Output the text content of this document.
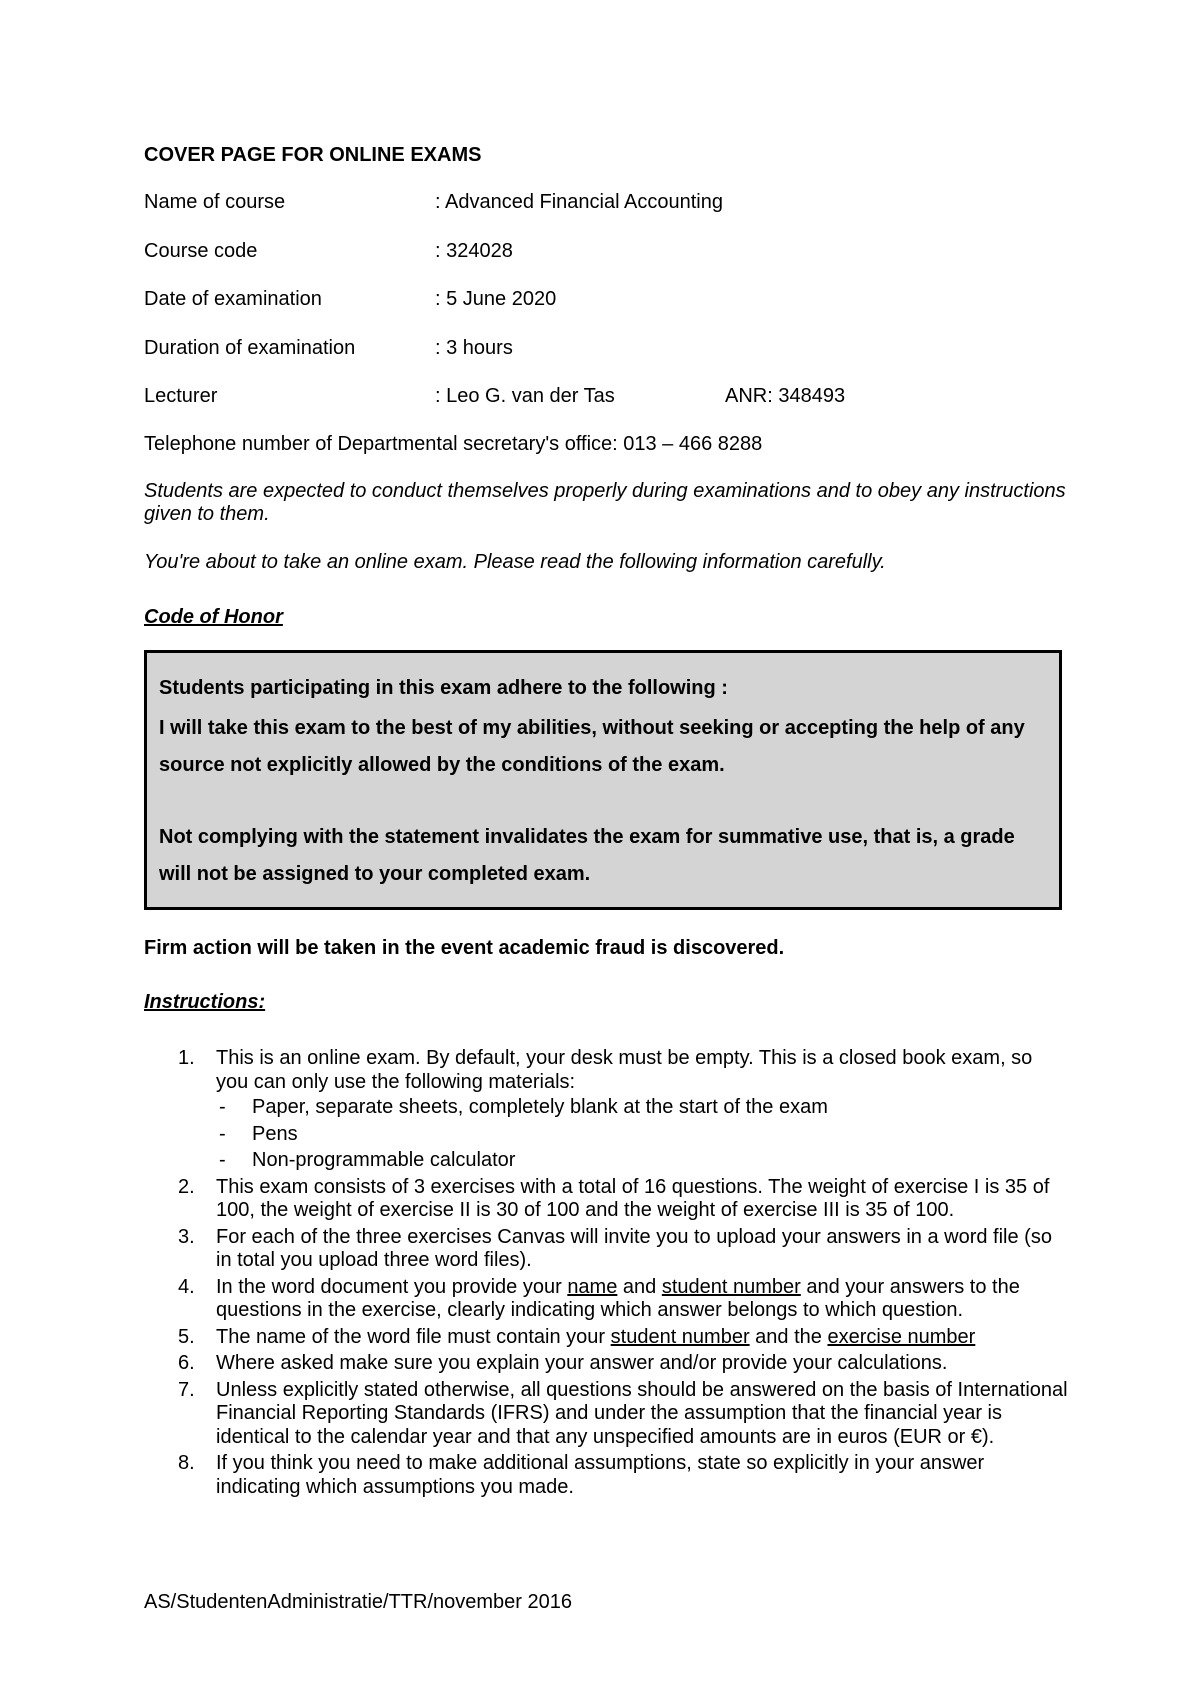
COVER PAGE FOR ONLINE EXAMS

Name of course	: Advanced Financial Accounting
Course code	: 324028
Date of examination	: 5 June 2020
Duration of examination	: 3 hours
Lecturer	: Leo G. van der Tas	ANR: 348493
Telephone number of Departmental secretary's office: 013 – 466 8288
Students are expected to conduct themselves properly during examinations and to obey any instructions given to them.
You're about to take an online exam. Please read the following information carefully.
Code of Honor

Students participating in this exam adhere to the following :

I will take this exam to the best of my abilities, without seeking or accepting the help of any source not explicitly allowed by the conditions of the exam.

Not complying with the statement invalidates the exam for summative use, that is, a grade will not be assigned to your completed exam.

Firm action will be taken in the event academic fraud is discovered.
Instructions:
1. This is an online exam. By default, your desk must be empty. This is a closed book exam, so you can only use the following materials:
- Paper, separate sheets, completely blank at the start of the exam
- Pens
- Non-programmable calculator
2. This exam consists of 3 exercises with a total of 16 questions. The weight of exercise I is 35 of 100, the weight of exercise II is 30 of 100 and the weight of exercise III is 35 of 100.
3. For each of the three exercises Canvas will invite you to upload your answers in a word file (so in total you upload three word files).
4. In the word document you provide your name and student number and your answers to the questions in the exercise, clearly indicating which answer belongs to which question.
5. The name of the word file must contain your student number and the exercise number
6. Where asked make sure you explain your answer and/or provide your calculations.
7. Unless explicitly stated otherwise, all questions should be answered on the basis of International Financial Reporting Standards (IFRS) and under the assumption that the financial year is identical to the calendar year and that any unspecified amounts are in euros (EUR or €).
8. If you think you need to make additional assumptions, state so explicitly in your answer indicating which assumptions you made.
AS/StudentenAdministratie/TTR/november 2016
